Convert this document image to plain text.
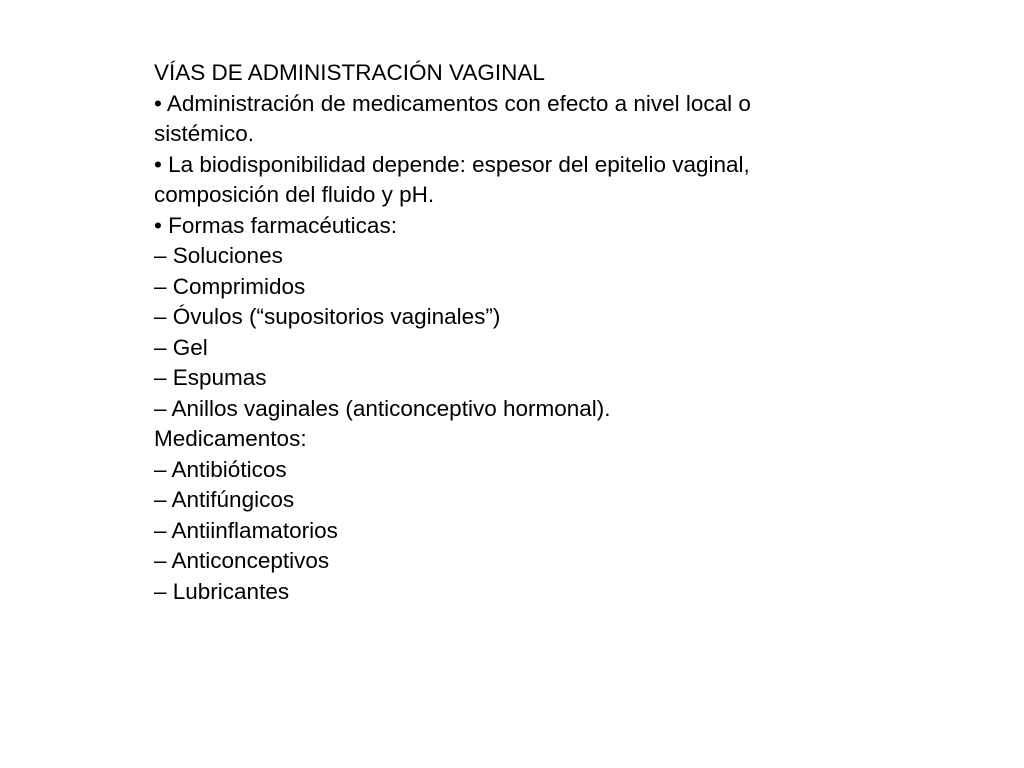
VÍAS DE ADMINISTRACIÓN VAGINAL

• Administración de medicamentos con efecto a nivel local o

sistémico.

• La biodisponibilidad depende: espesor del epitelio vaginal,

composición del fluido y pH.

• Formas farmacéuticas:

– Soluciones

– Comprimidos

– Óvulos (“supositorios vaginales”)

– Gel

– Espumas

– Anillos vaginales (anticonceptivo hormonal).

Medicamentos:

– Antibióticos

– Antifúngicos

– Antiinflamatorios

– Anticonceptivos

– Lubricantes
